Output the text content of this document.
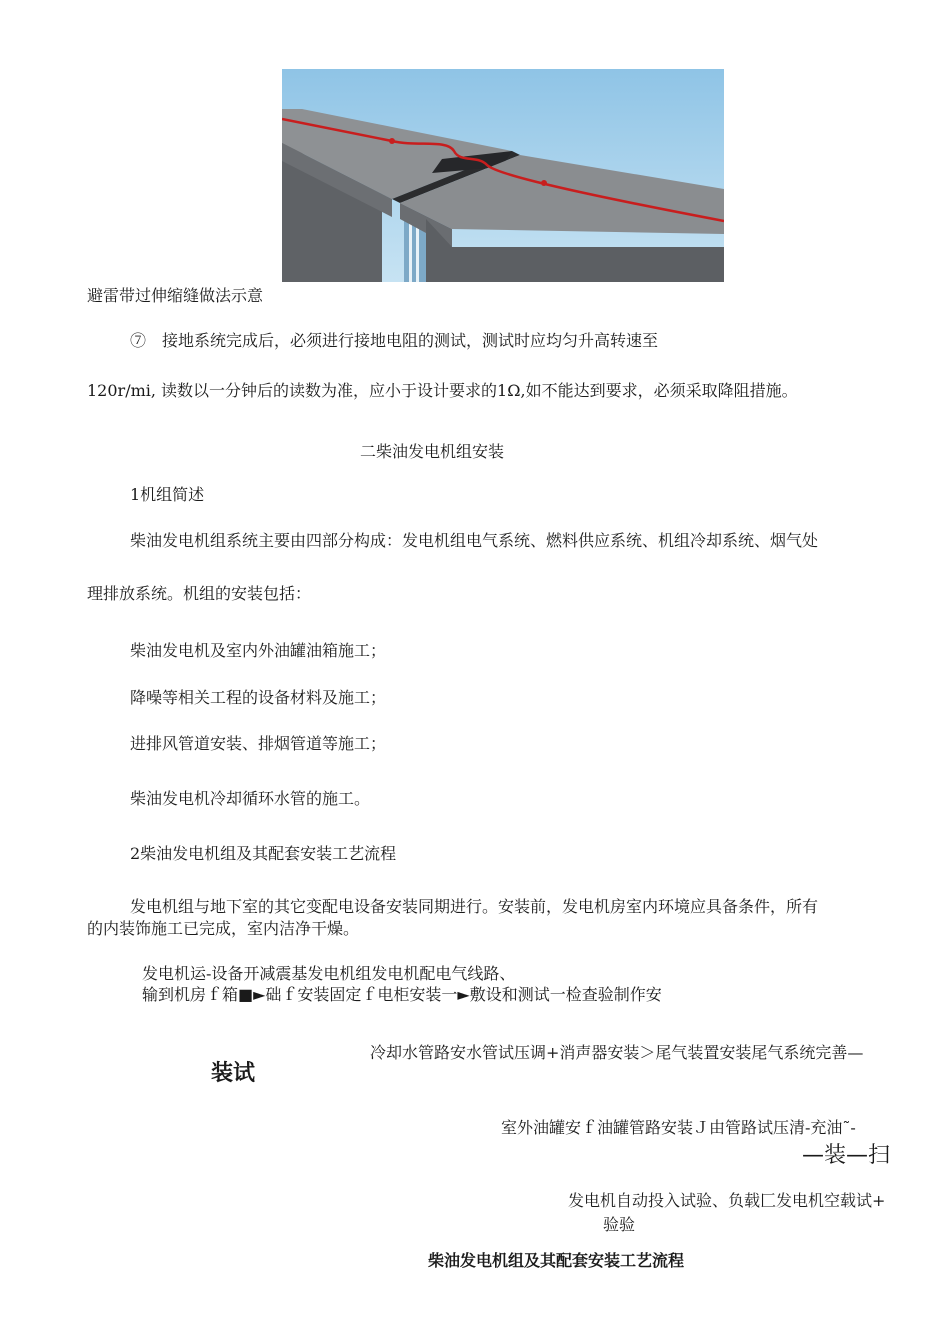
避雷带过伸缩缝做法示意
⑦　接地系统完成后，必须进行接地电阻的测试，测试时应均匀升高转速至
120r/mi, 读数以一分钟后的读数为准，应小于设计要求的1Ω,如不能达到要求，必须采取降阻措施。
二柴油发电机组安装
1机组简述
柴油发电机组系统主要由四部分构成：发电机组电气系统、燃料供应系统、机组冷却系统、烟气处
理排放系统。机组的安装包括：
柴油发电机及室内外油罐油箱施工；
降噪等相关工程的设备材料及施工；
进排风管道安装、排烟管道等施工；
柴油发电机冷却循环水管的施工。
2柴油发电机组及其配套安装工艺流程
发电机组与地下室的其它变配电设备安装同期进行。安装前，发电机房室内环境应具备条件，所有
的内装饰施工已完成，室内洁净干燥。
发电机运-设备开减震基发电机组发电机配电气线路、
输到机房ｆ箱■►础ｆ安装固定ｆ电柜安装一►敷设和测试一检查验制作安
冷却水管路安水管试压调+消声器安装＞尾气装置安装尾气系统完善—
装试
室外油罐安ｆ油罐管路安装Ｊ由管路试压清-充油˜-
—装—扫
发电机自动投入试验、负载匚发电机空载试+
验验
柴油发电机组及其配套安装工艺流程
